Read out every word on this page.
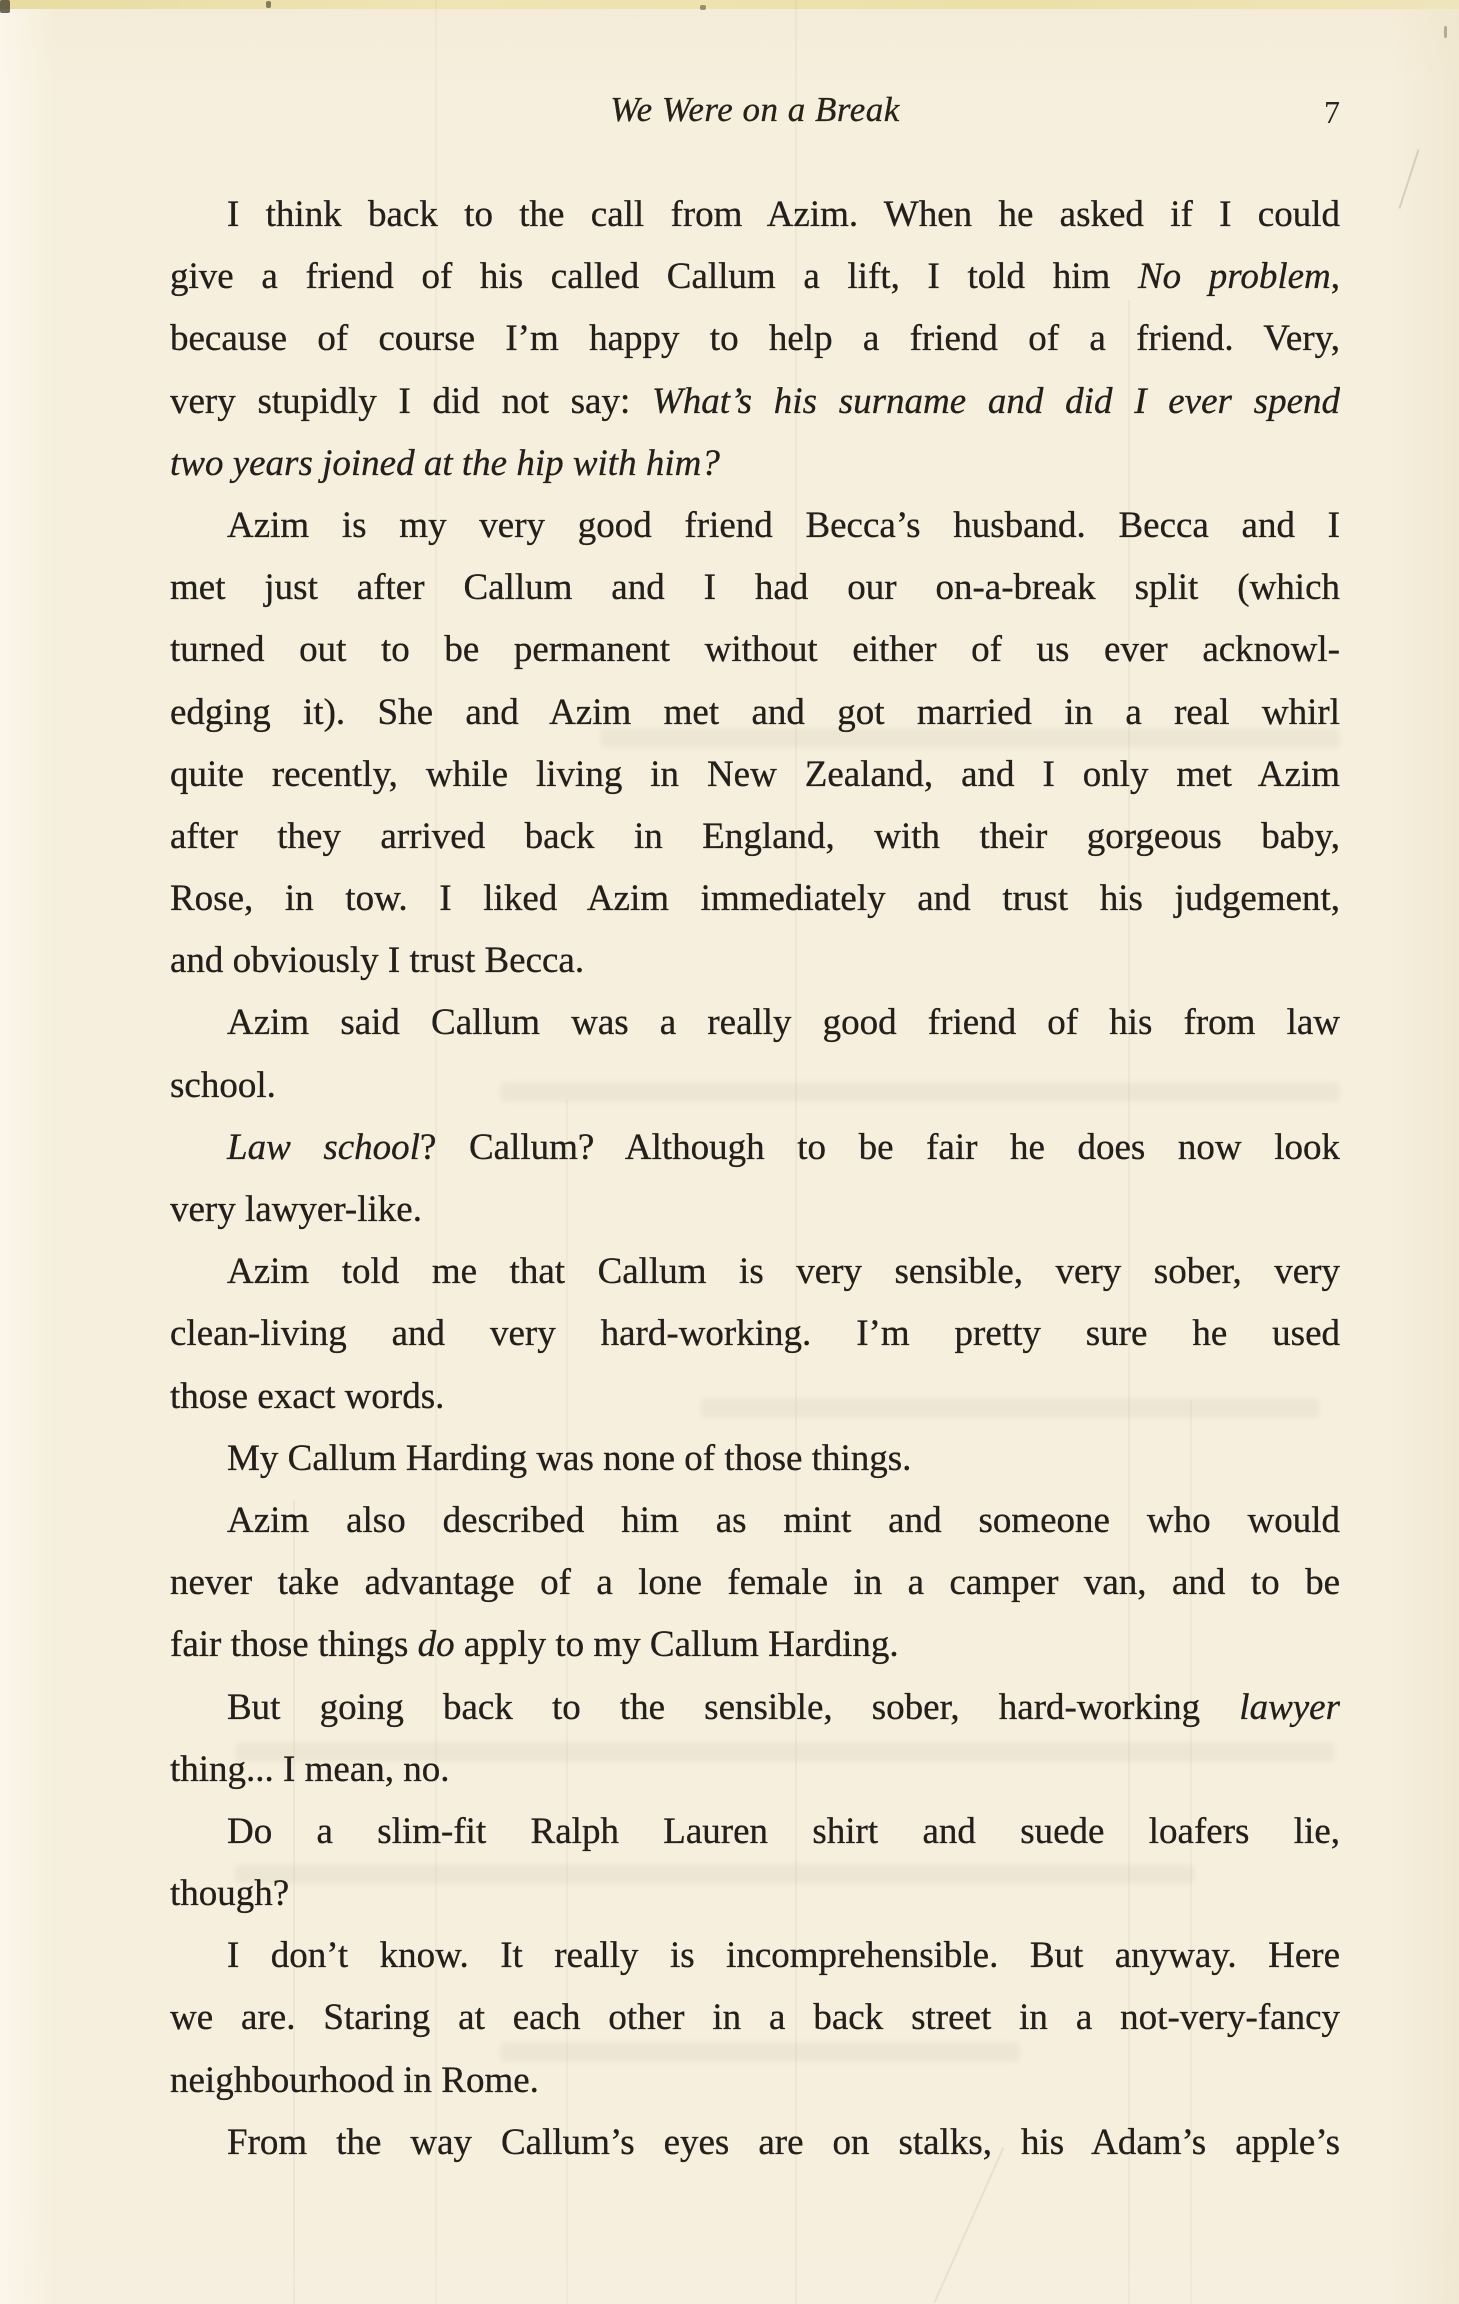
We Were on a Break	7
I think back to the call from Azim. When he asked if I could
give a friend of his called Callum a lift, I told him No problem,
because of course I’m happy to help a friend of a friend. Very,
very stupidly I did not say: What’s his surname and did I ever spend
two years joined at the hip with him?
Azim is my very good friend Becca’s husband. Becca and I
met just after Callum and I had our on-a-break split (which
turned out to be permanent without either of us ever acknowl-
edging it). She and Azim met and got married in a real whirl
quite recently, while living in New Zealand, and I only met Azim
after they arrived back in England, with their gorgeous baby,
Rose, in tow. I liked Azim immediately and trust his judgement,
and obviously I trust Becca.
Azim said Callum was a really good friend of his from law
school.
Law school? Callum? Although to be fair he does now look
very lawyer-like.
Azim told me that Callum is very sensible, very sober, very
clean-living and very hard-working. I’m pretty sure he used
those exact words.
My Callum Harding was none of those things.
Azim also described him as mint and someone who would
never take advantage of a lone female in a camper van, and to be
fair those things do apply to my Callum Harding.
But going back to the sensible, sober, hard-working lawyer
thing... I mean, no.
Do a slim-fit Ralph Lauren shirt and suede loafers lie,
though?
I don’t know. It really is incomprehensible. But anyway. Here
we are. Staring at each other in a back street in a not-very-fancy
neighbourhood in Rome.
From the way Callum’s eyes are on stalks, his Adam’s apple’s
